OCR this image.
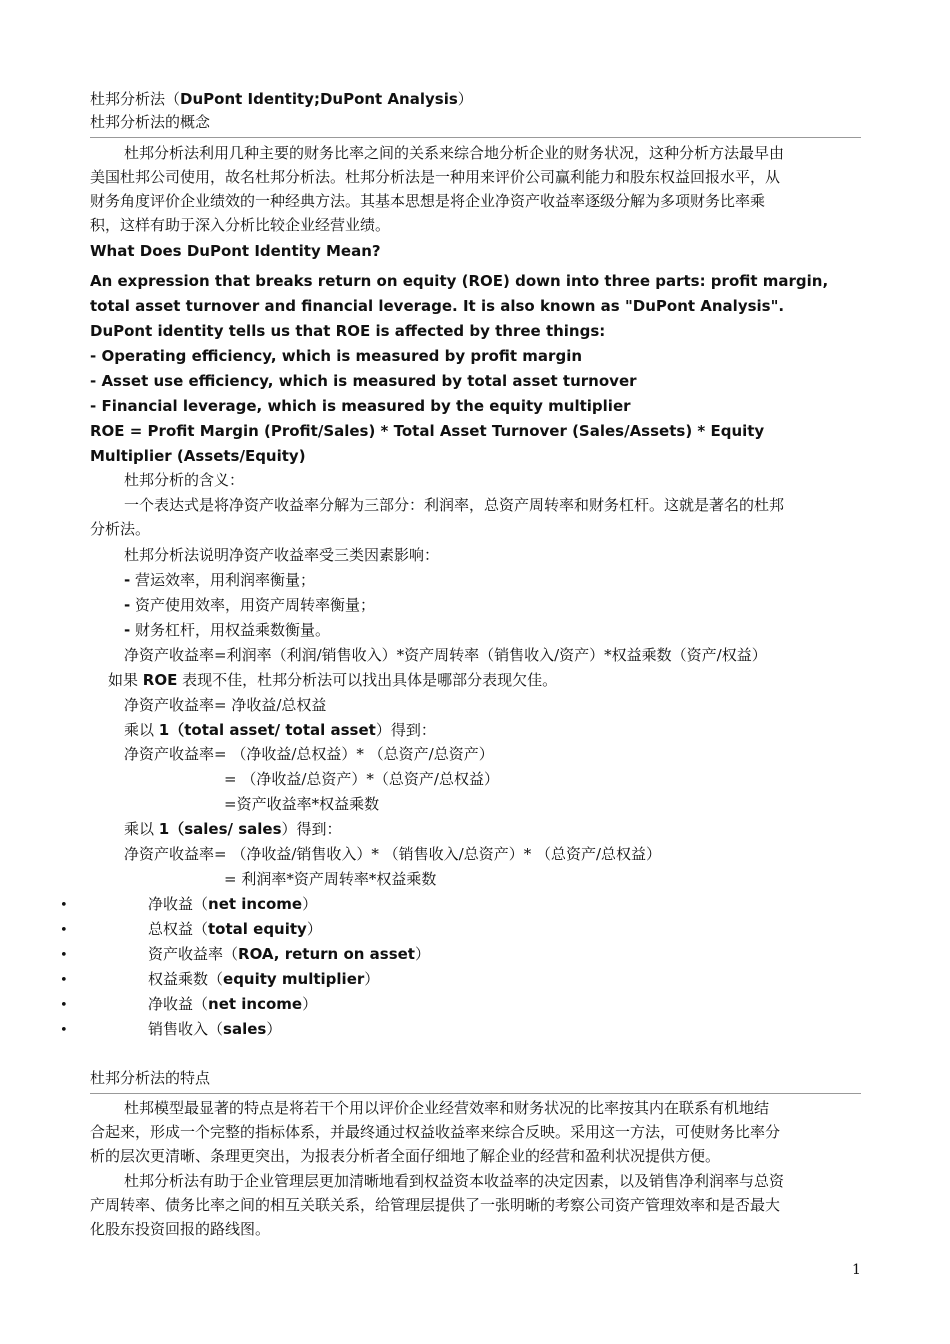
杜邦分析法（DuPont Identity;DuPont Analysis）
杜邦分析法的概念
杜邦分析法利用几种主要的财务比率之间的关系来综合地分析企业的财务状况，这种分析方法最早由
美国杜邦公司使用，故名杜邦分析法。杜邦分析法是一种用来评价公司赢利能力和股东权益回报水平，从
财务角度评价企业绩效的一种经典方法。其基本思想是将企业净资产收益率逐级分解为多项财务比率乘
积，这样有助于深入分析比较企业经营业绩。
What Does DuPont Identity Mean?
An expression that breaks return on equity (ROE) down into three parts: profit margin,
total asset turnover and financial leverage. It is also known as "DuPont Analysis".
DuPont identity tells us that ROE is affected by three things:
- Operating efficiency, which is measured by profit margin
- Asset use efficiency, which is measured by total asset turnover
- Financial leverage, which is measured by the equity multiplier
ROE = Profit Margin (Profit/Sales) * Total Asset Turnover (Sales/Assets) * Equity
Multiplier (Assets/Equity)
杜邦分析的含义：
一个表达式是将净资产收益率分解为三部分：利润率，总资产周转率和财务杠杆。这就是著名的杜邦
分析法。
杜邦分析法说明净资产收益率受三类因素影响：
- 营运效率，用利润率衡量；
- 资产使用效率，用资产周转率衡量；
- 财务杠杆，用权益乘数衡量。
净资产收益率=利润率（利润/销售收入）*资产周转率（销售收入/资产）*权益乘数（资产/权益）
如果 ROE 表现不佳，杜邦分析法可以找出具体是哪部分表现欠佳。
净资产收益率= 净收益/总权益
乘以 1（total asset/ total asset）得到：
净资产收益率= （净收益/总权益）* （总资产/总资产）
= （净收益/总资产）*（总资产/总权益）
=资产收益率*权益乘数
乘以 1（sales/ sales）得到：
净资产收益率= （净收益/销售收入）* （销售收入/总资产）* （总资产/总权益）
= 利润率*资产周转率*权益乘数
•	净收益（net income）
•	总权益（total equity）
•	资产收益率（ROA, return on asset）
•	权益乘数（equity multiplier）
•	净收益（net income）
•	销售收入（sales）
杜邦分析法的特点
杜邦模型最显著的特点是将若干个用以评价企业经营效率和财务状况的比率按其内在联系有机地结
合起来，形成一个完整的指标体系，并最终通过权益收益率来综合反映。采用这一方法，可使财务比率分
析的层次更清晰、条理更突出，为报表分析者全面仔细地了解企业的经营和盈利状况提供方便。
杜邦分析法有助于企业管理层更加清晰地看到权益资本收益率的决定因素，以及销售净利润率与总资
产周转率、债务比率之间的相互关联关系，给管理层提供了一张明晰的考察公司资产管理效率和是否最大
化股东投资回报的路线图。
1
